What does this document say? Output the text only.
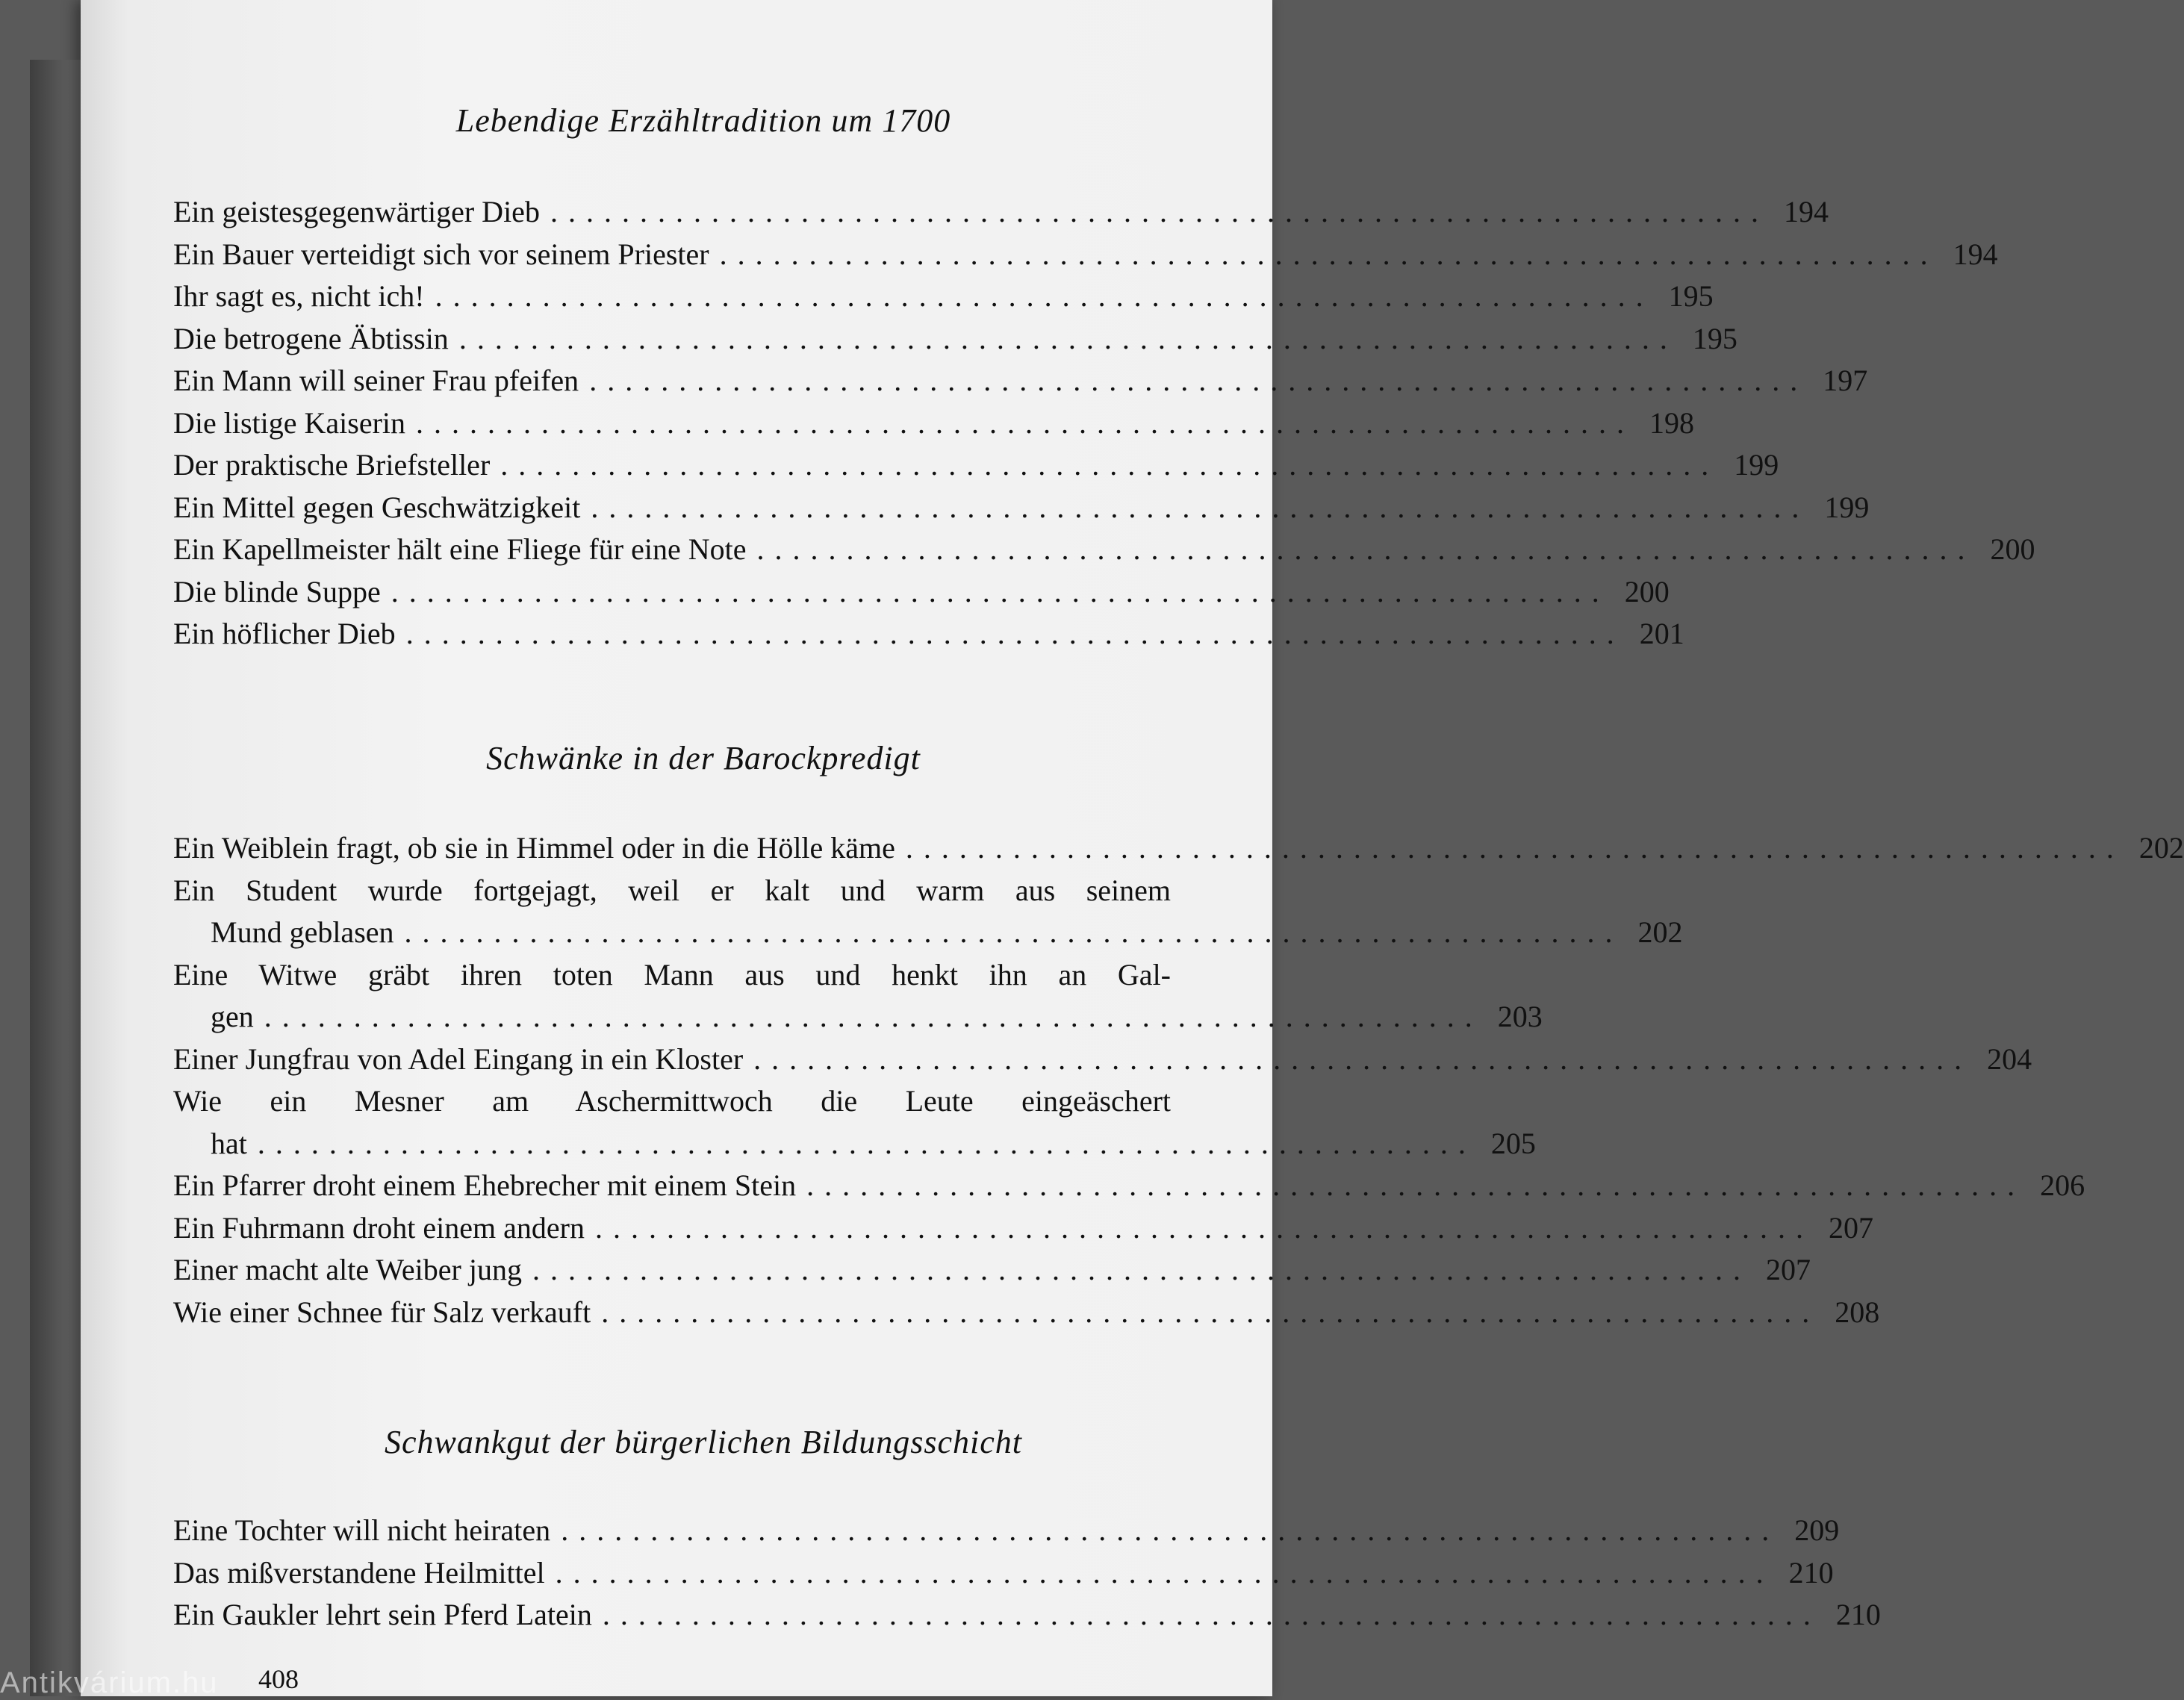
Lebendige Erzähltradition um 1700
Ein geistesgegenwärtiger Dieb .................................................................... 194
Ein Bauer verteidigt sich vor seinem Priester .................................................................... 194
Ihr sagt es, nicht ich! .................................................................... 195
Die betrogene Äbtissin .................................................................... 195
Ein Mann will seiner Frau pfeifen .................................................................... 197
Die listige Kaiserin .................................................................... 198
Der praktische Briefsteller .................................................................... 199
Ein Mittel gegen Geschwätzigkeit .................................................................... 199
Ein Kapellmeister hält eine Fliege für eine Note .................................................................... 200
Die blinde Suppe .................................................................... 200
Ein höflicher Dieb .................................................................... 201
Schwänke in der Barockpredigt
Ein Weiblein fragt, ob sie in Himmel oder in die Hölle käme .................................................................... 202
Ein Student wurde fortgejagt, weil er kalt und warm aus seinem
Mund geblasen .................................................................... 202
Eine Witwe gräbt ihren toten Mann aus und henkt ihn an Gal-
gen .................................................................... 203
Einer Jungfrau von Adel Eingang in ein Kloster .................................................................... 204
Wie ein Mesner am Aschermittwoch die Leute eingeäschert
hat .................................................................... 205
Ein Pfarrer droht einem Ehebrecher mit einem Stein .................................................................... 206
Ein Fuhrmann droht einem andern .................................................................... 207
Einer macht alte Weiber jung .................................................................... 207
Wie einer Schnee für Salz verkauft .................................................................... 208
Schwankgut der bürgerlichen Bildungsschicht
Eine Tochter will nicht heiraten .................................................................... 209
Das mißverstandene Heilmittel .................................................................... 210
Ein Gaukler lehrt sein Pferd Latein .................................................................... 210
408
Antikvárium.hu
